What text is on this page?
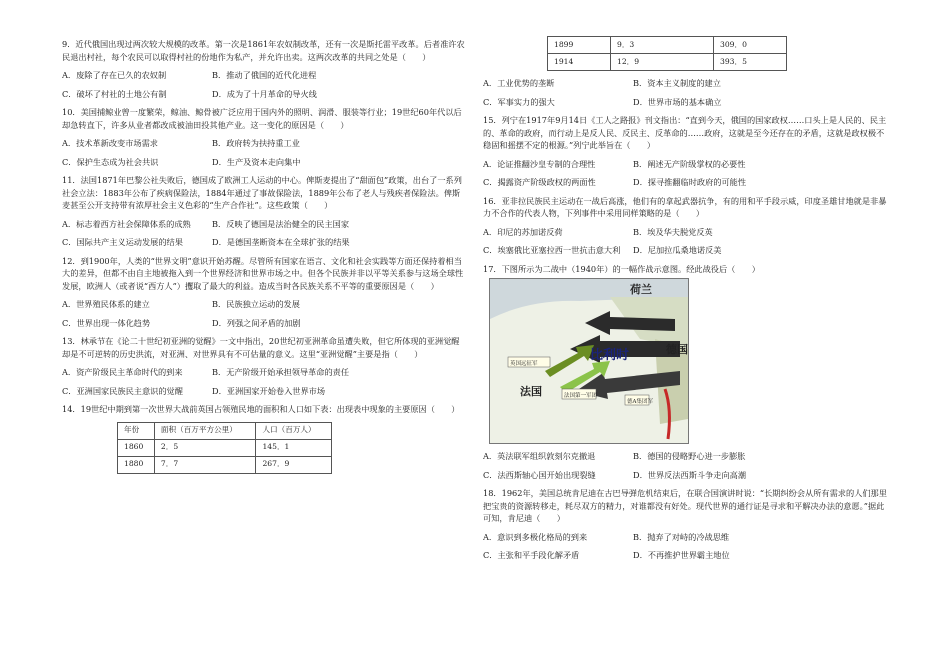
9．近代俄国出现过两次较大规模的改革。第一次是1861年农奴制改革，还有一次是斯托雷平改革。后者准许农民退出村社，每个农民可以取得村社的份地作为私产，并允许出卖。这两次改革的共同之处是（　　）

A．废除了存在已久的农奴制	B．推动了俄国的近代化进程
C．破坏了村社的土地公有制	D．成为了十月革命的导火线

10．美国捕鲸业曾一度繁荣，鲸油、鲸骨被广泛应用于国内外的照明、润滑、服装等行业；19世纪60年代以后却急转直下，许多从业者都改成被油田投其他产业。这一变化的原因是（　　）

A．技术革新改变市场需求	B．政府转为扶持重工业
C．保护生态成为社会共识	D．生产及资本走向集中

11．法国1871年巴黎公社失败后，德国成了欧洲工人运动的中心。俾斯麦提出了“甜面包”政策，出台了一系列社会立法：1883年公布了疾病保险法，1884年通过了事故保险法，1889年公布了老人与残疾者保险法。俾斯麦甚至公开支持带有浓厚社会主义色彩的“生产合作社”。这些政策（　　）

A．标志着西方社会保障体系的成熟	B．反映了德国是法治健全的民主国家
C．国际共产主义运动发展的结果	D．是德国垄断资本在全球扩张的结果

12．到1900年，人类的“世界文明”意识开始苏醒。尽管所有国家在语言、文化和社会实践等方面还保持着相当大的差异，但都不由自主地被拖入到一个世界经济和世界市场之中。但各个民族并非以平等关系参与这场全球性发展，欧洲人（或者说“西方人”）攫取了最大的利益。造成当时各民族关系不平等的重要原因是（　　）

A．世界殖民体系的建立	B．民族独立运动的发展
C．世界出现一体化趋势	D．列强之间矛盾的加剧

13．林承节在《论二十世纪初亚洲的觉醒》一文中指出，20世纪初亚洲革命虽遭失败，但它所体现的亚洲觉醒却是不可逆转的历史洪流，对亚洲、对世界具有不可估量的意义。这里“亚洲觉醒”主要是指（　　）

A．资产阶级民主革命时代的到来	B．无产阶级开始承担领导革命的责任
C．亚洲国家民族民主意识的觉醒	D．亚洲国家开始卷入世界市场

14．19世纪中期到第一次世界大战前英国占领殖民地的面积和人口如下表：出现表中现象的主要原因（　　）

年份	面积（百万平方公里）	人口（百万人）
1860	2．5	145．1
1880	7．7	267．9
1899	9．3	309．0
1914	12．9	393．5
A．工业优势的垄断	B．资本主义制度的建立
C．军事实力的强大	D．世界市场的基本确立

15．列宁在1917年9月14日《工人之路报》刊文指出：“直到今天，俄国的国家政权……口头上是人民的、民主的、革命的政府，而行动上是反人民、反民主、反革命的……政府，这就是至今还存在的矛盾，这就是政权极不稳固和摇摆不定的根源。”列宁此举旨在（　　）

A．论证推翻沙皇专制的合理性	B．阐述无产阶级掌权的必要性
C．揭露资产阶级政权的两面性	D．探寻推翻临时政府的可能性

16．亚非拉民族民主运动在一战后高涨，他们有的拿起武器抗争，有的用和平手段示威，印度圣雄甘地就是非暴力不合作的代表人物，下列事件中采用同样策略的是（　　）

A．印尼的苏加诺反荷	B．埃及华夫脱党反英
C．埃塞俄比亚塞拉西一世抗击意大利	D．尼加拉瓜桑地诺反美

17．下图所示为二战中（1940年）的一幅作战示意图。经此战役后（　　）

荷兰
德国
比利时
法国
英国远征军
法国第一军团
德A集团军
A．英法联军组织敦刻尔克撤退	B．德国的侵略野心进一步膨胀
C．法西斯轴心国开始出现裂缝	D．世界反法西斯斗争走向高潮

18．1962年，美国总统肯尼迪在古巴导弹危机结束后，在联合国演讲时说：“长期纠纷会从所有需求的人们那里把宝贵的资源转移走，耗尽双方的精力，对谁都没有好处。现代世界的通行证是寻求和平解决办法的意愿。”据此可知，肯尼迪（　　）

A．意识到多极化格局的到来	B．抛弃了对峙的冷战思维
C．主张和平手段化解矛盾	D．不再推护世界霸主地位
